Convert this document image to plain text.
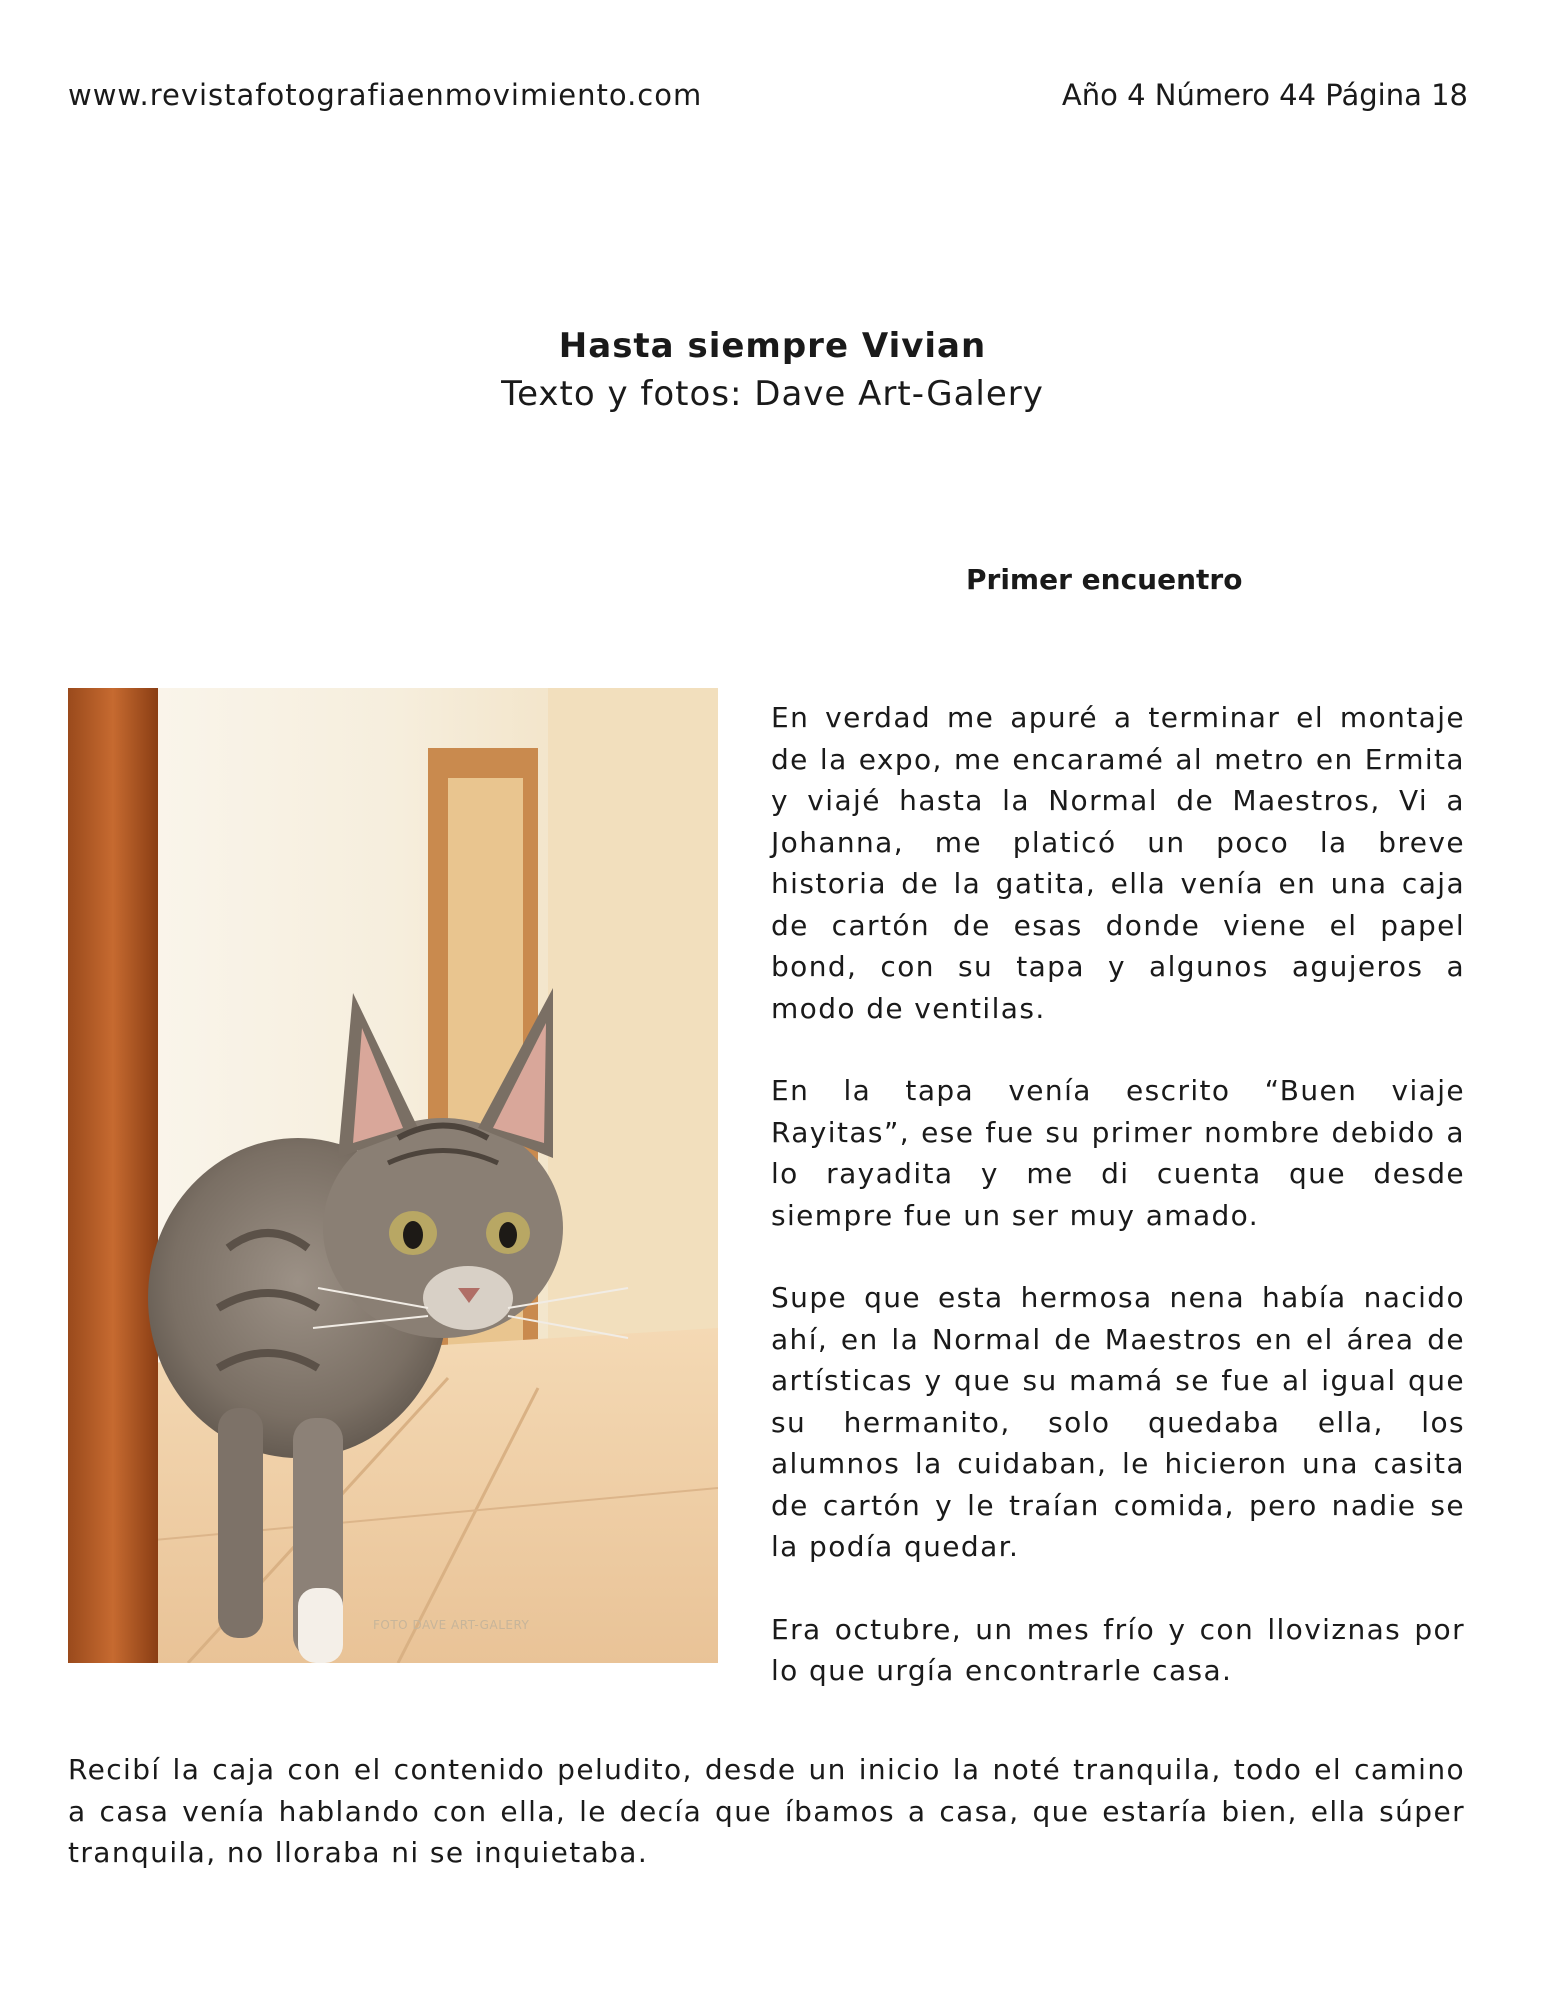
www.revistafotografiaenmovimiento.com	Año 4 Número 44 Página 18
Hasta siempre Vivian
Texto y fotos: Dave Art-Galery
Primer encuentro
FOTO DAVE ART-GALERY

En verdad me apuré a terminar el montaje de la expo, me encaramé al metro en Ermita y viajé hasta la Normal de Maestros, Vi a Johanna, me platicó un poco la breve historia de la gatita, ella venía en una caja de cartón de esas donde viene el papel bond, con su tapa y algunos agujeros a modo de ventilas.

En la tapa venía escrito “Buen viaje Rayitas”, ese fue su primer nombre debido a lo rayadita y me di cuenta que desde siempre fue un ser muy amado.

Supe que esta hermosa nena había nacido ahí, en la Normal de Maestros en el área de artísticas y que su mamá se fue al igual que su hermanito, solo quedaba ella, los alumnos la cuidaban, le hicieron una casita de cartón y le traían comida, pero nadie se la podía quedar.

Era octubre, un mes frío y con lloviznas por lo que urgía encontrarle casa.

Recibí la caja con el contenido peludito, desde un inicio la noté tranquila, todo el camino a casa venía hablando con ella, le decía que íbamos a casa, que estaría bien, ella súper tranquila, no lloraba ni se inquietaba.
